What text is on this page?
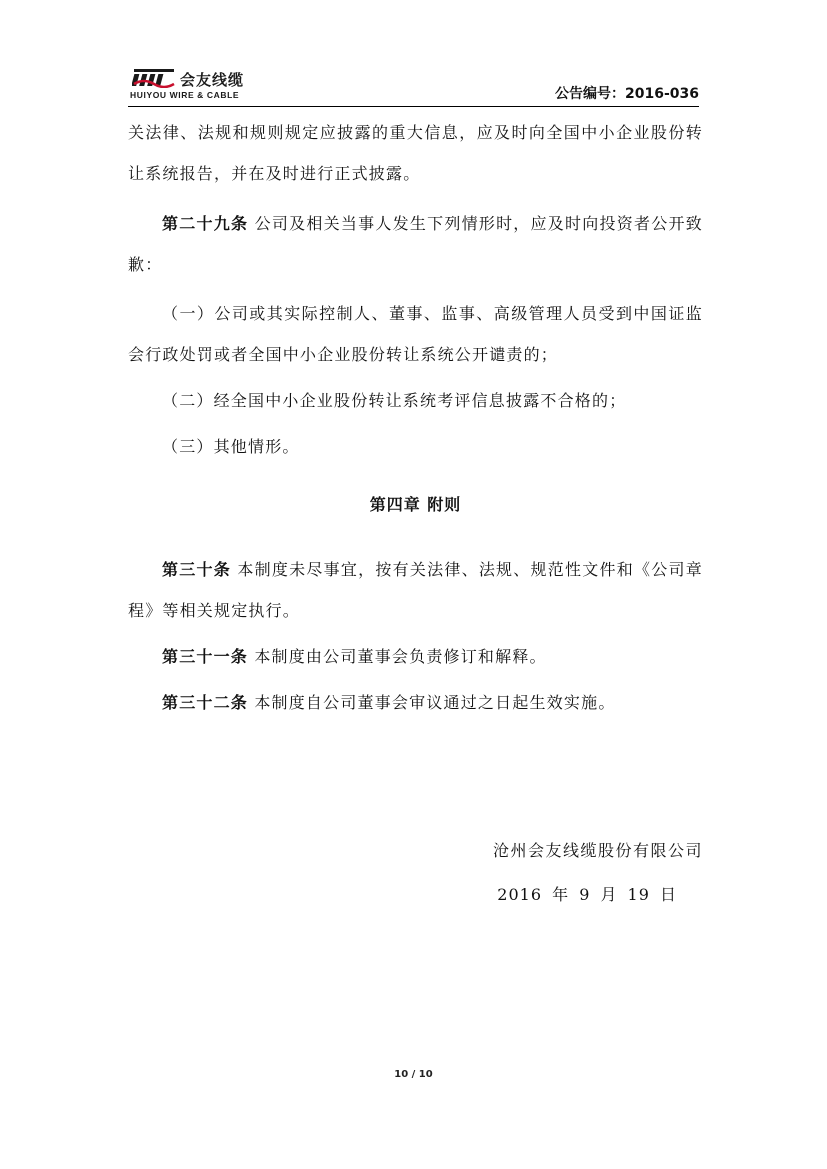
会友线缆
HUIYOU WIRE & CABLE	公告编号：2016-036

关法律、法规和规则规定应披露的重大信息，应及时向全国中小企业股份转让系统报告，并在及时进行正式披露。

第二十九条 公司及相关当事人发生下列情形时，应及时向投资者公开致歉：

（一）公司或其实际控制人、董事、监事、高级管理人员受到中国证监会行政处罚或者全国中小企业股份转让系统公开谴责的；

（二）经全国中小企业股份转让系统考评信息披露不合格的；

（三）其他情形。

第四章 附则

第三十条 本制度未尽事宜，按有关法律、法规、规范性文件和《公司章程》等相关规定执行。

第三十一条 本制度由公司董事会负责修订和解释。

第三十二条 本制度自公司董事会审议通过之日起生效实施。

沧州会友线缆股份有限公司
2016 年 9 月 19 日
10 / 10
